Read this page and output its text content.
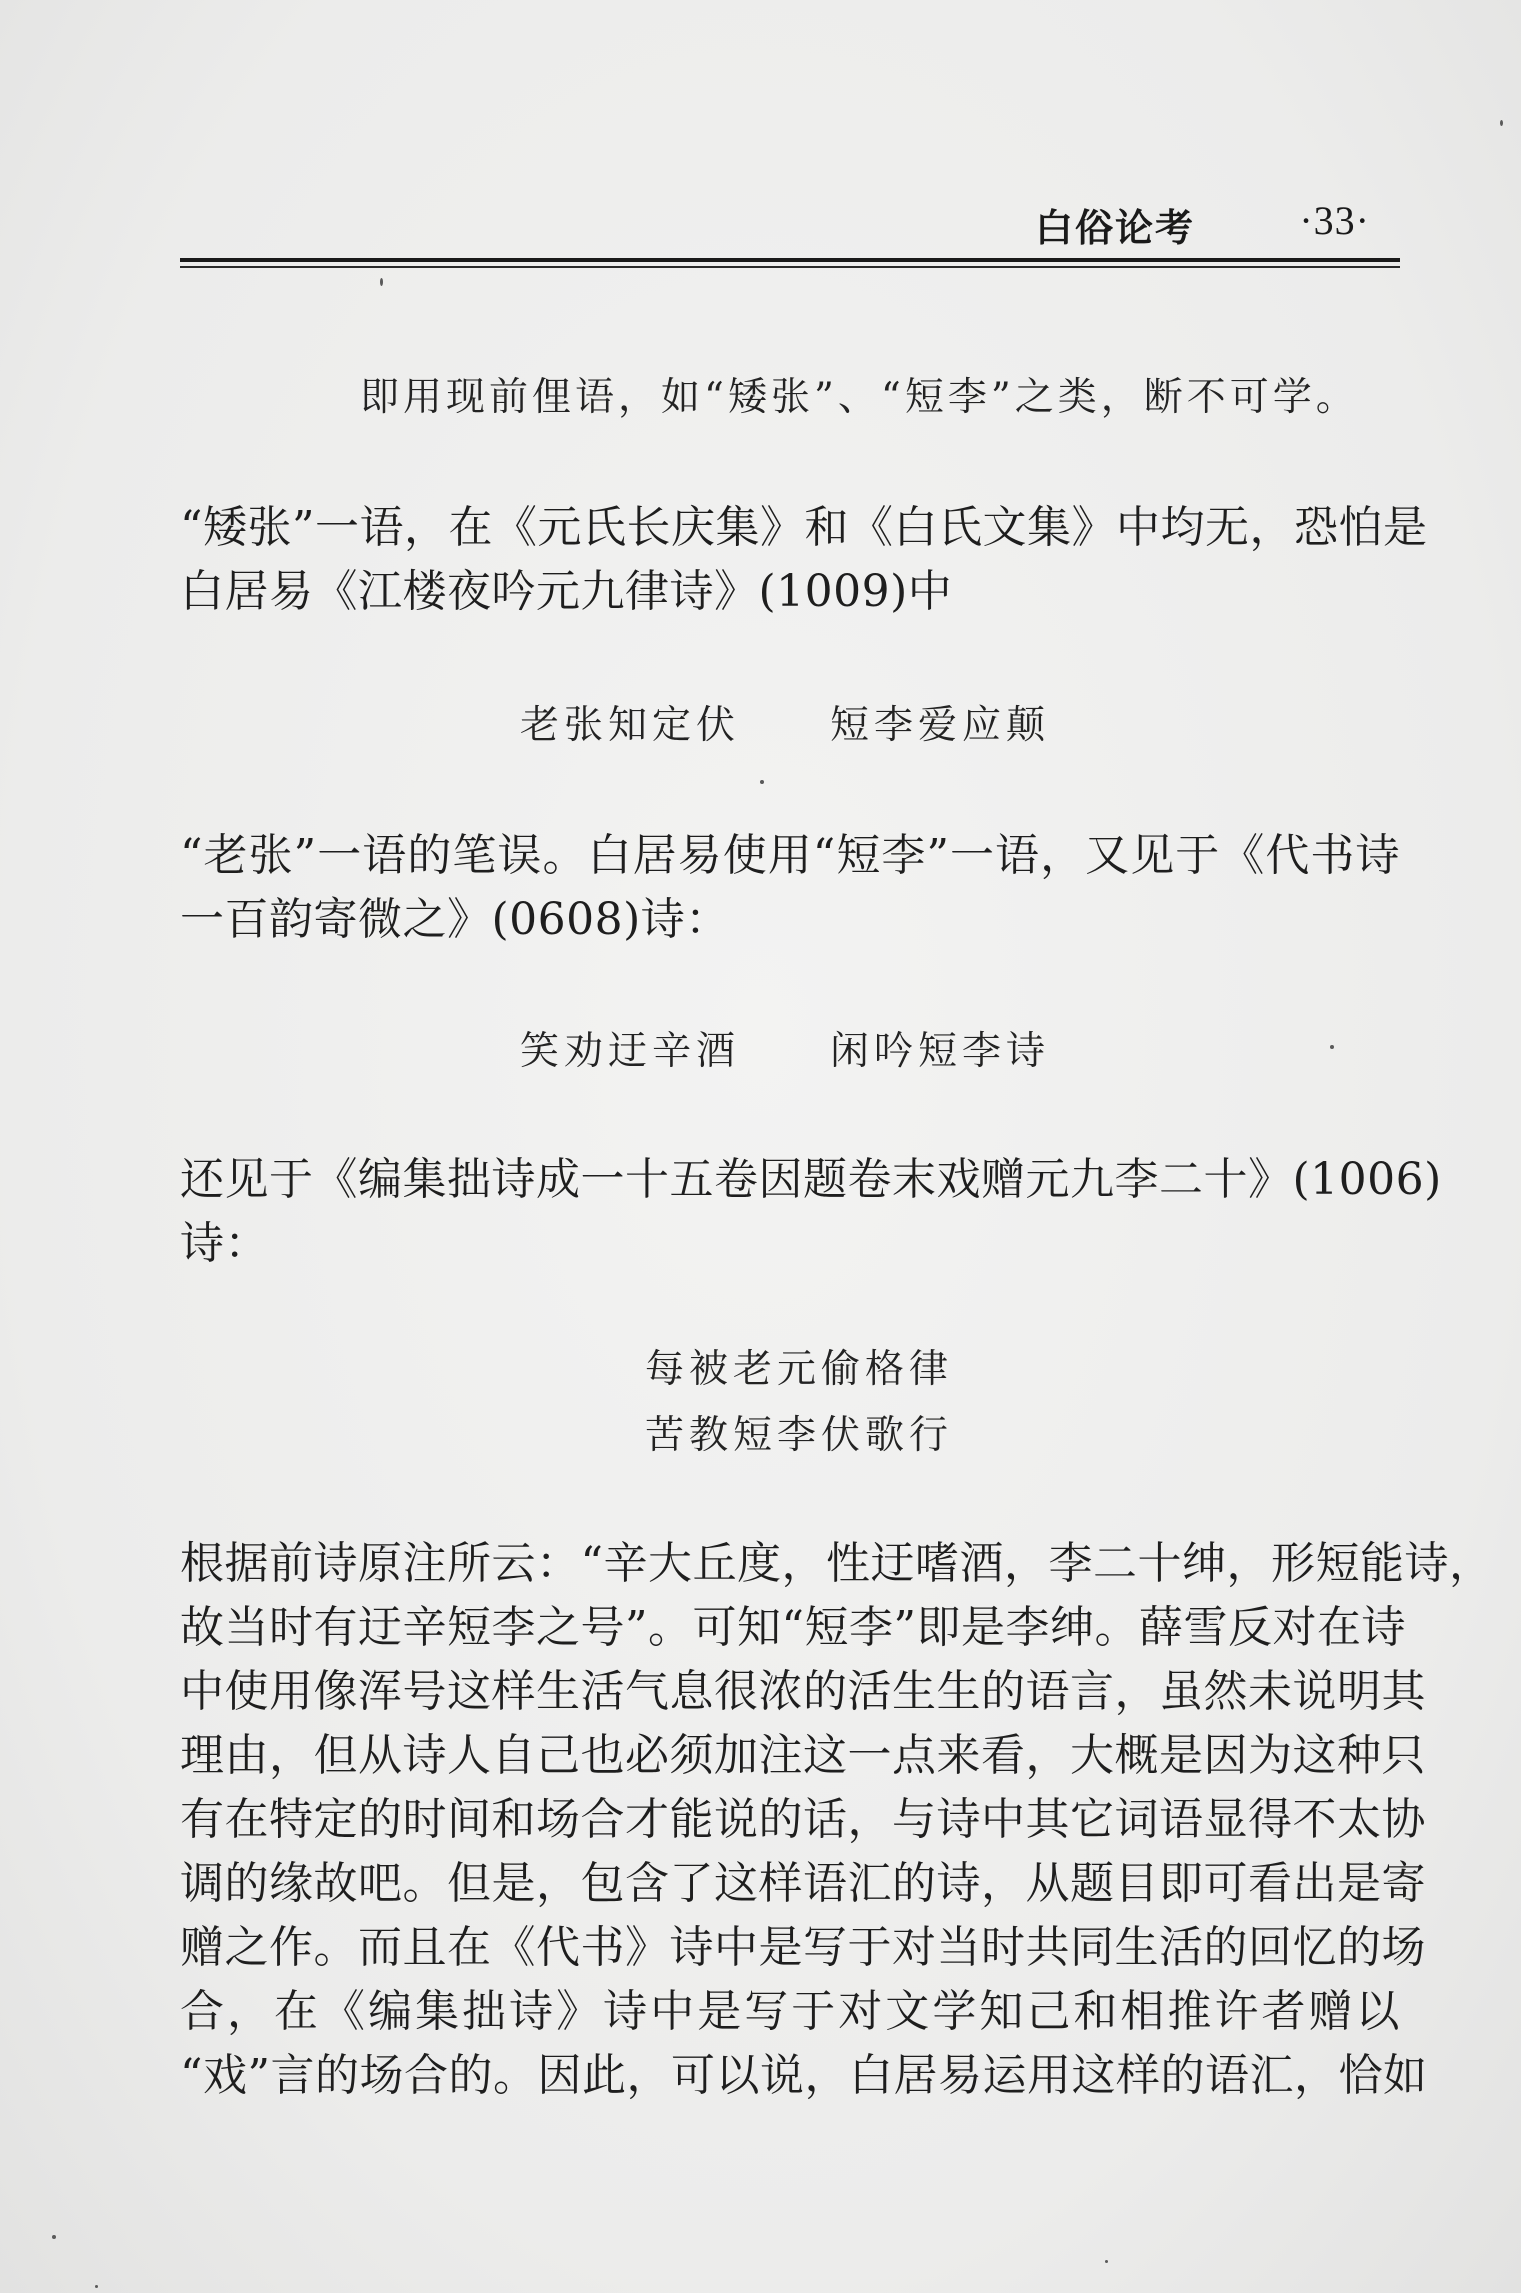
白俗论考	·33·
即用现前俚语，如“矮张”、“短李”之类，断不可学。
“矮张”一语，在《元氏长庆集》和《白氏文集》中均无，恐怕是
白居易《江楼夜吟元九律诗》(1009)中
老张知定伏 短李爱应颠
“老张”一语的笔误。白居易使用“短李”一语，又见于《代书诗
一百韵寄微之》(0608)诗：
笑劝迂辛酒 闲吟短李诗
还见于《编集拙诗成一十五卷因题卷末戏赠元九李二十》(1006)
诗：
每被老元偷格律
苦教短李伏歌行
根据前诗原注所云：“辛大丘度，性迂嗜酒，李二十绅，形短能诗，
故当时有迂辛短李之号”。可知“短李”即是李绅。薛雪反对在诗
中使用像浑号这样生活气息很浓的活生生的语言，虽然未说明其
理由，但从诗人自己也必须加注这一点来看，大概是因为这种只
有在特定的时间和场合才能说的话，与诗中其它词语显得不太协
调的缘故吧。但是，包含了这样语汇的诗，从题目即可看出是寄
赠之作。而且在《代书》诗中是写于对当时共同生活的回忆的场
合，在《编集拙诗》诗中是写于对文学知己和相推许者赠以
“戏”言的场合的。因此，可以说，白居易运用这样的语汇，恰如
